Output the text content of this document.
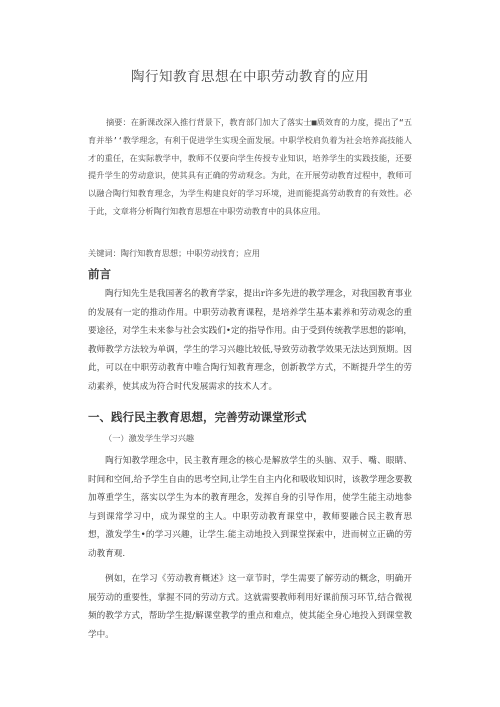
陶行知教育思想在中职劳动教育的应用
摘要：在新课改深入推行背景下，教育部门加大了落实士■质效育的力度，提出了“五育并举’‘教学理念，有利于促进学生实现全面发展。中职学校肩负着为社会培养高技能人才的重任，在实际教学中，教师不仅要向学生传授专业知识，培养学生的实践技能，还要提升学生的劳动意识，使其具有正确的劳动观念。为此，在开展劳动教育过程中，教师可以融合陶行知教育理念，为学生构建良好的学习环境，进而能提高劳动教育的有效性。必于此，文章将分析陶行知教育思想在中职劳动教育中的具体应用。
关键词：陶行知教育思想；中职劳动找育；应用
前言
陶行知先生是我国著名的教育学家，提出r许多先进的教学理念，对我国教育事业的发展有一定的推动作用。中职劳动教育课程，是培养学生基本素养和劳动观念的重要途径，对学生未来参与社会实践们•定的指导作用。由于受到传统教学思想的影响，教师教学方法较为单调，学生的学习兴趣比较低,导致劳动教学效果无法达到预期。因此，可以在中职劳动教育中唯合陶行知教育理念，创新教学方式，不断提升学生的劳动素养，使其成为符合时代发展需求的技术人才。
一、践行民主教育思想，完善劳动课堂形式
（一）激发学生学习兴趣
陶行知教学理念中，民主教育理念的核心是解放学生的头脑、双手、嘴、眼睛、时间和空间,给予学生自由的思考空间,让学生自主内化和吸收知识时，该教学理念要教加尊重学生，落实以学生为本的教育理念，发挥自身的引导作用，使学生能主动地参与到课常学习中，成为课堂的主人。中职劳动教育课堂中，教师要融合民主教育思想，激发学生•的学习兴趣，让学生.能主动地投入到课堂探索中，进而树立正确的劳动教育观.
例如，在学习《劳动教育概述》这一章节时，学生需要了解劳动的概念，明确开展劳动的重要性，掌握不同的劳动方式。这就需要教师利用好课前预习环节,结合微视频的教学方式，帮助学生提/解课堂教学的重点和难点，使其能全身心地投入到课堂教学中。
